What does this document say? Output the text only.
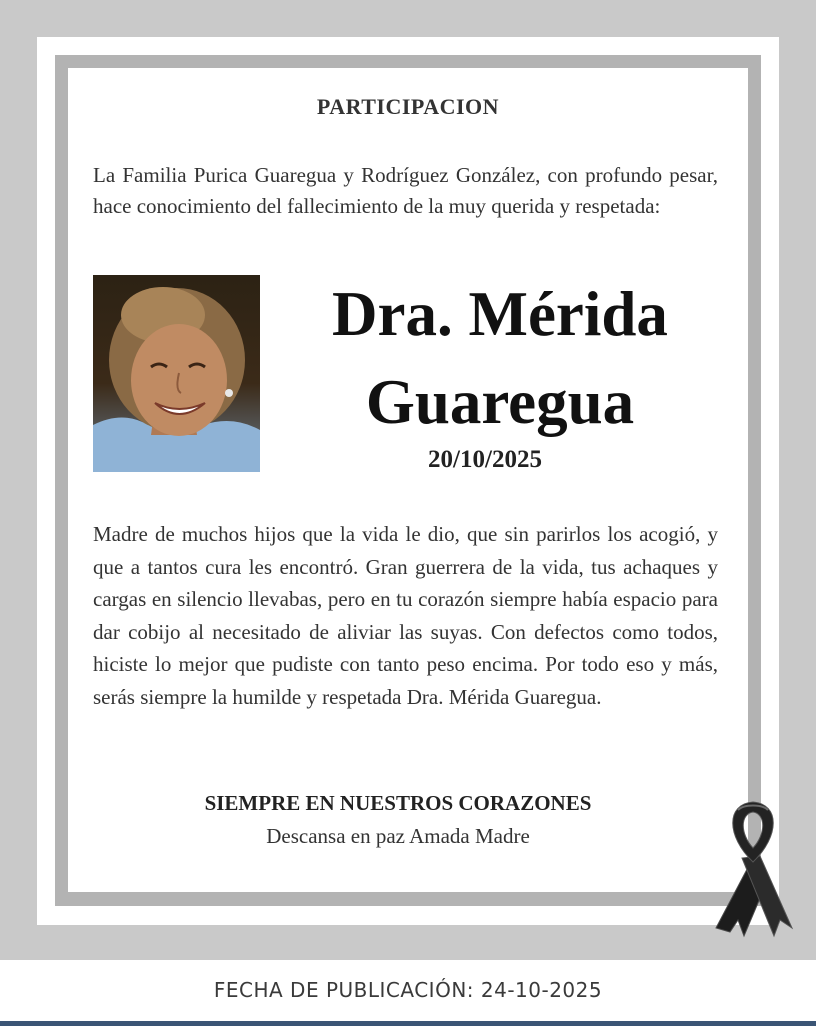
PARTICIPACION

La Familia Purica Guaregua y Rodríguez González, con profundo pesar, hace conocimiento del fallecimiento de la muy querida y respetada:

Dra. Mérida
Guaregua

20/10/2025

Madre de muchos hijos que la vida le dio, que sin parirlos los acogió, y que a tantos cura les encontró. Gran guerrera de la vida, tus achaques y cargas en silencio llevabas, pero en tu corazón siempre había espacio para dar cobijo al necesitado de aliviar las suyas. Con defectos como todos, hiciste lo mejor que pudiste con tanto peso encima. Por todo eso y más, serás siempre la humilde y respetada Dra. Mérida Guaregua.

SIEMPRE EN NUESTROS CORAZONES
Descansa en paz Amada Madre
FECHA DE PUBLICACIÓN: 24-10-2025
